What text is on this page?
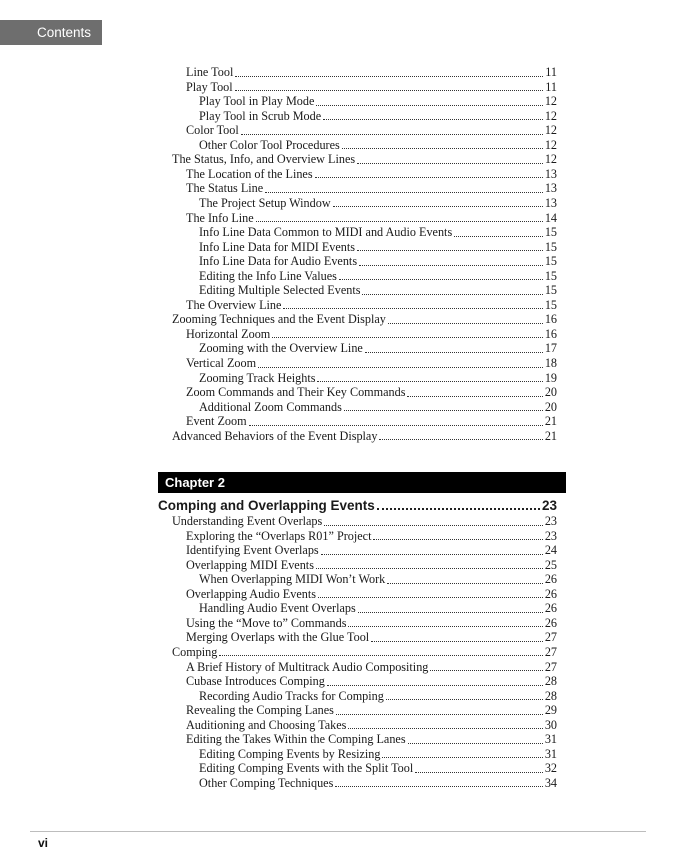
Contents
Line Tool	11
Play Tool	11
Play Tool in Play Mode	12
Play Tool in Scrub Mode	12
Color Tool	12
Other Color Tool Procedures	12
The Status, Info, and Overview Lines	12
The Location of the Lines	13
The Status Line	13
The Project Setup Window	13
The Info Line	14
Info Line Data Common to MIDI and Audio Events	15
Info Line Data for MIDI Events	15
Info Line Data for Audio Events	15
Editing the Info Line Values	15
Editing Multiple Selected Events	15
The Overview Line	15
Zooming Techniques and the Event Display	16
Horizontal Zoom	16
Zooming with the Overview Line	17
Vertical Zoom	18
Zooming Track Heights	19
Zoom Commands and Their Key Commands	20
Additional Zoom Commands	20
Event Zoom	21
Advanced Behaviors of the Event Display	21
Chapter 2
Comping and Overlapping Events	23
Understanding Event Overlaps	23
Exploring the “Overlaps R01” Project	23
Identifying Event Overlaps	24
Overlapping MIDI Events	25
When Overlapping MIDI Won’t Work	26
Overlapping Audio Events	26
Handling Audio Event Overlaps	26
Using the “Move to” Commands	26
Merging Overlaps with the Glue Tool	27
Comping	27
A Brief History of Multitrack Audio Compositing	27
Cubase Introduces Comping	28
Recording Audio Tracks for Comping	28
Revealing the Comping Lanes	29
Auditioning and Choosing Takes	30
Editing the Takes Within the Comping Lanes	31
Editing Comping Events by Resizing	31
Editing Comping Events with the Split Tool	32
Other Comping Techniques	34
vi
